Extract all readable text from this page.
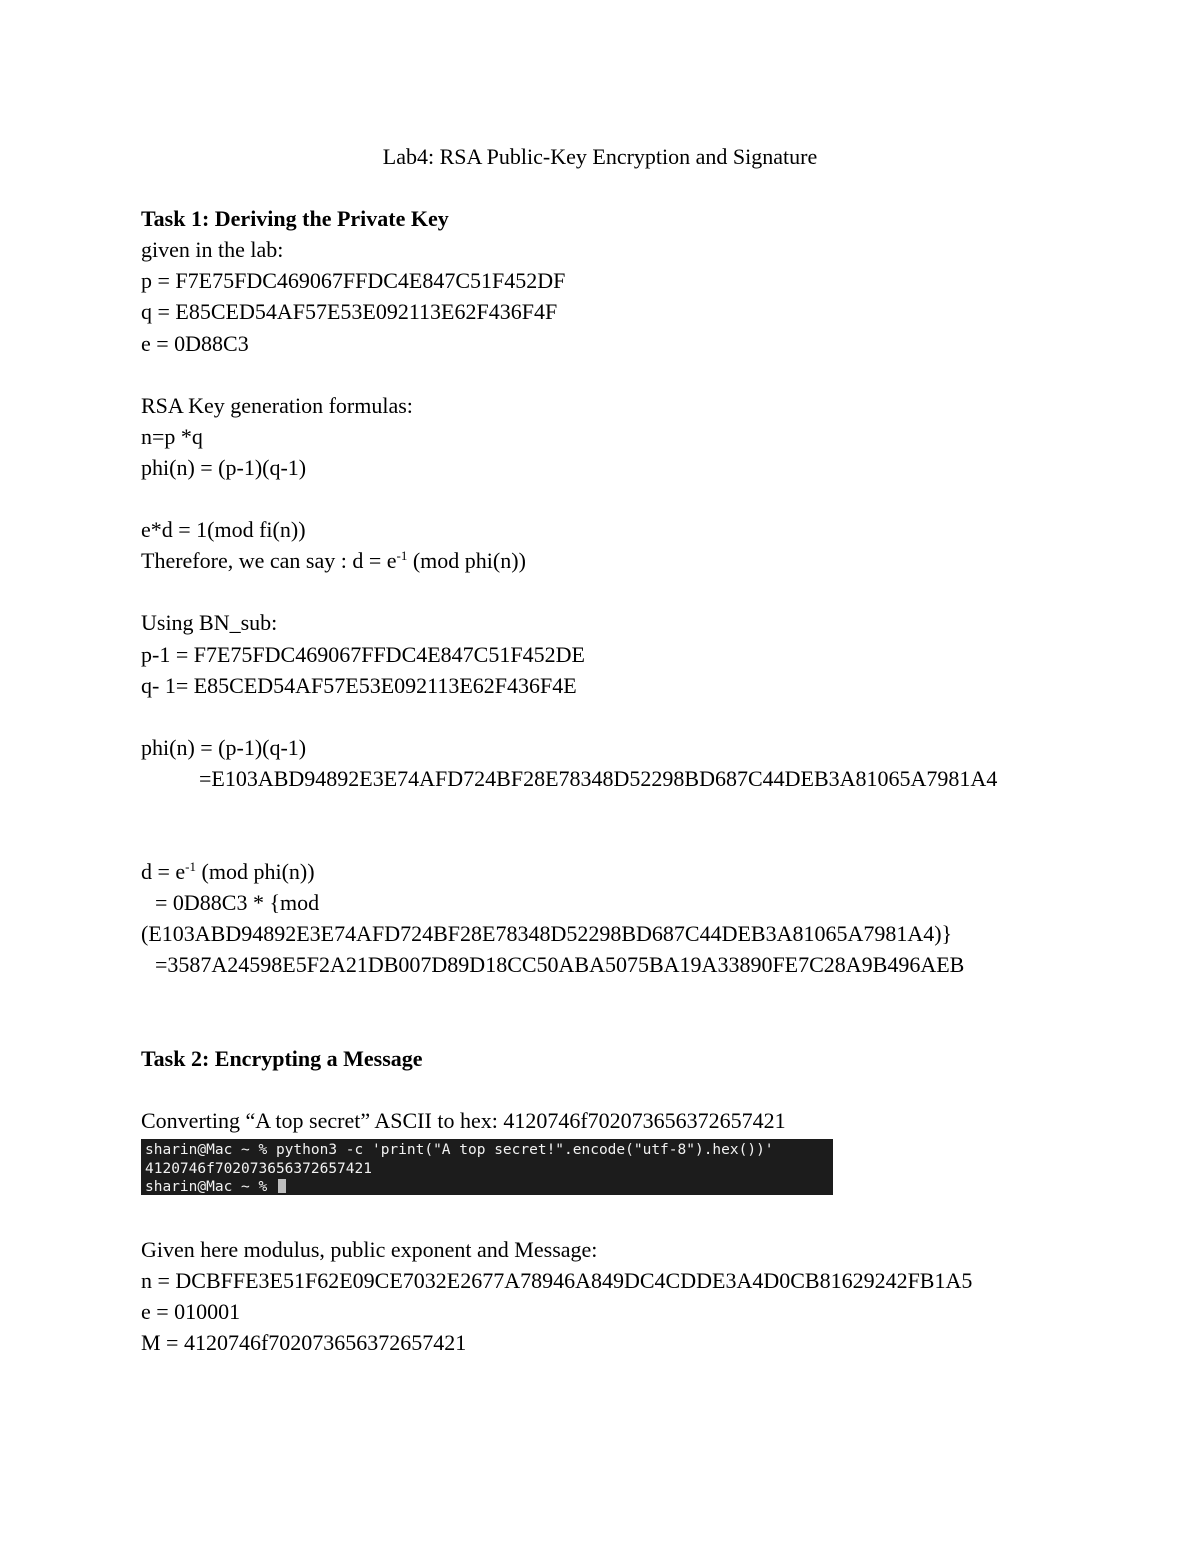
Lab4: RSA Public-Key Encryption and Signature
Task 1: Deriving the Private Key
given in the lab:
p = F7E75FDC469067FFDC4E847C51F452DF
q = E85CED54AF57E53E092113E62F436F4F
e = 0D88C3
RSA Key generation formulas:
n=p *q
phi(n) = (p-1)(q-1)
e*d = 1(mod fi(n))
Therefore, we can say : $d = e^{-1}$ (mod phi(n))
Using BN_sub:
p-1 = F7E75FDC469067FFDC4E847C51F452DE
q- 1= E85CED54AF57E53E092113E62F436F4E
phi(n) = (p-1)(q-1)
=E103ABD94892E3E74AFD724BF28E78348D52298BD687C44DEB3A81065A7981A4
$d = e^{-1}$ (mod phi(n))
= 0D88C3 * {mod
(E103ABD94892E3E74AFD724BF28E78348D52298BD687C44DEB3A81065A7981A4)}
=3587A24598E5F2A21DB007D89D18CC50ABA5075BA19A33890FE7C28A9B496AEB
Task 2: Encrypting a Message
Converting “A top secret” ASCII to hex: 4120746f702073656372657421
sharin@Mac ~ % python3 -c 'print("A top secret!".encode("utf-8").hex())'
4120746f702073656372657421
sharin@Mac ~ %
Given here modulus, public exponent and Message:
n = DCBFFE3E51F62E09CE7032E2677A78946A849DC4CDDE3A4D0CB81629242FB1A5
e = 010001
M = 4120746f702073656372657421
